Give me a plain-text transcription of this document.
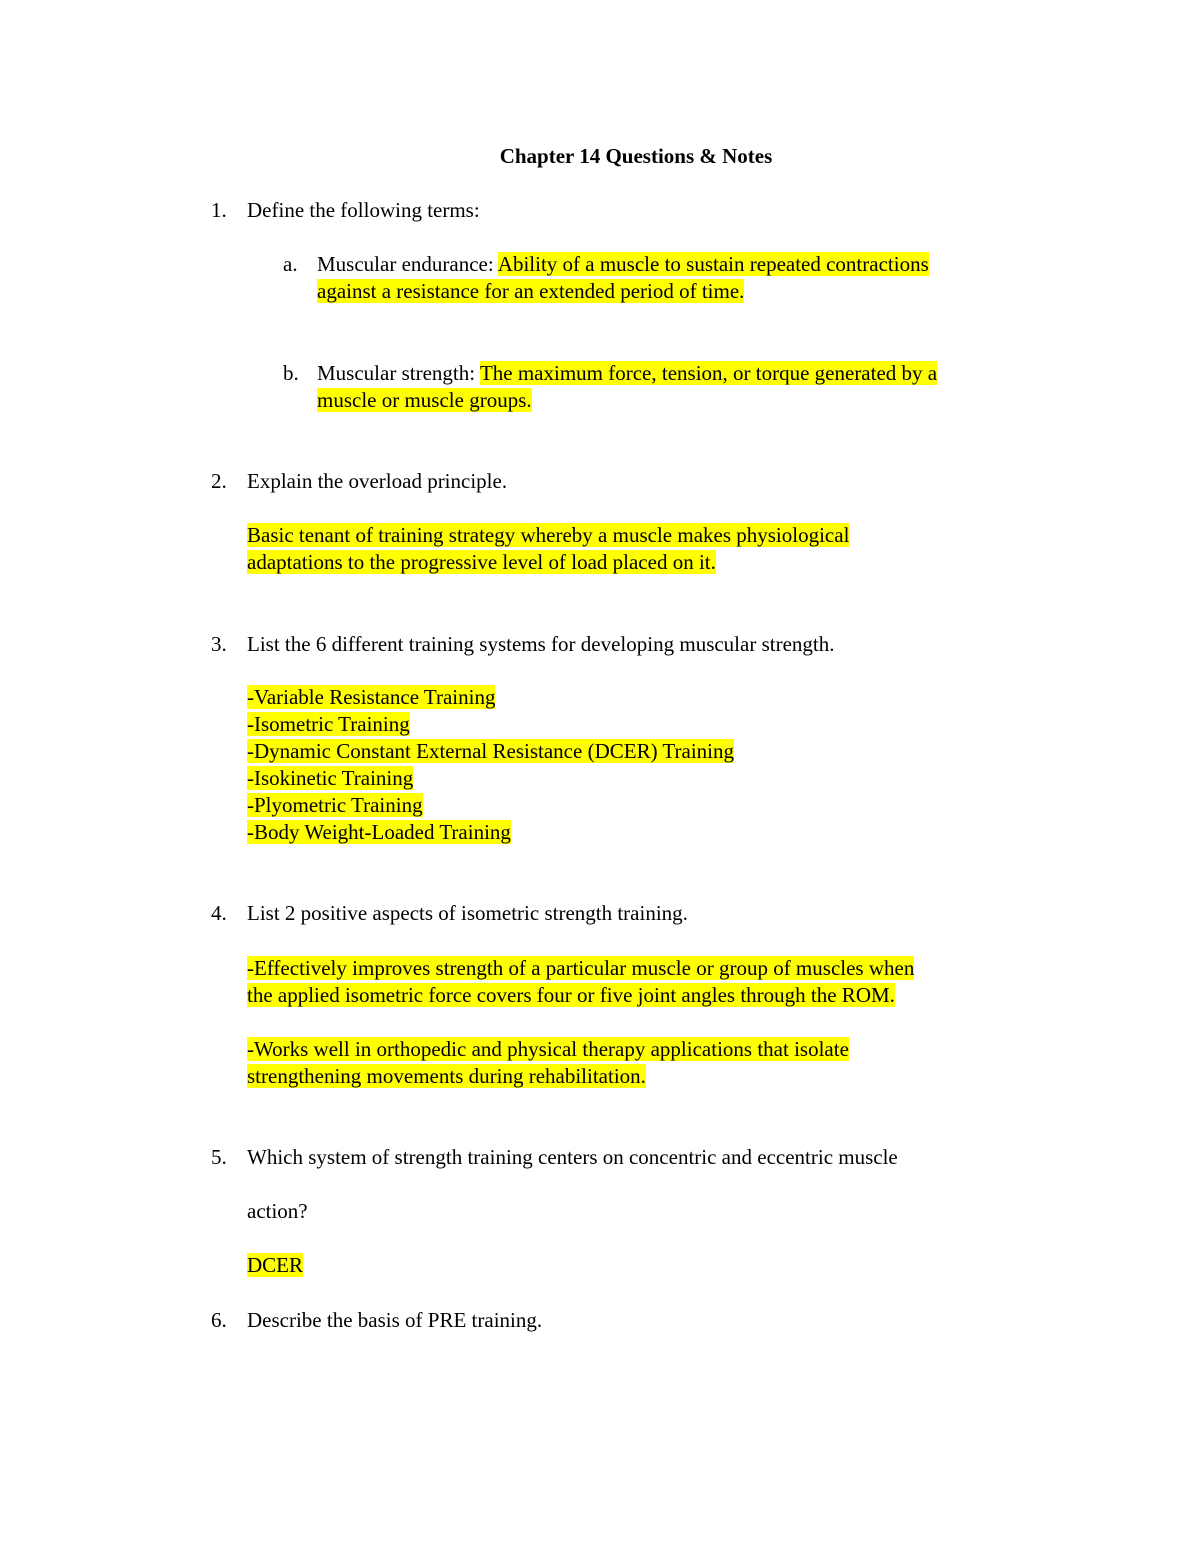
Chapter 14 Questions & Notes
1. Define the following terms:
a. Muscular endurance: Ability of a muscle to sustain repeated contractions
against a resistance for an extended period of time.
b. Muscular strength: The maximum force, tension, or torque generated by a
muscle or muscle groups.
2. Explain the overload principle.
Basic tenant of training strategy whereby a muscle makes physiological
adaptations to the progressive level of load placed on it.
3. List the 6 different training systems for developing muscular strength.
-Variable Resistance Training
-Isometric Training
-Dynamic Constant External Resistance (DCER) Training
-Isokinetic Training
-Plyometric Training
-Body Weight-Loaded Training
4. List 2 positive aspects of isometric strength training.
-Effectively improves strength of a particular muscle or group of muscles when
the applied isometric force covers four or five joint angles through the ROM.
-Works well in orthopedic and physical therapy applications that isolate
strengthening movements during rehabilitation.
5. Which system of strength training centers on concentric and eccentric muscle
action?
DCER
6. Describe the basis of PRE training.
